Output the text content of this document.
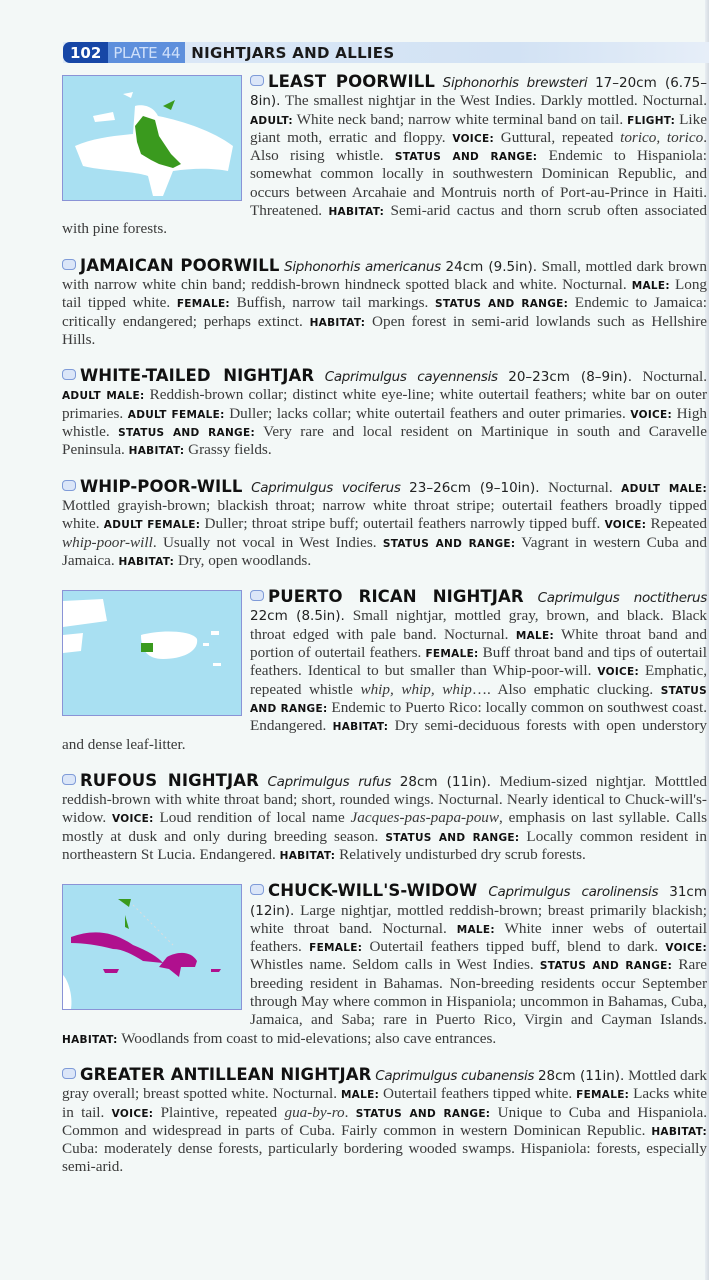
102 PLATE 44 NIGHTJARS AND ALLIES
LEAST POORWILL Siphonorhis brewsteri 17–20cm (6.75–8in). The smallest nightjar in the West Indies. Darkly mottled. Nocturnal. ADULT: White neck band; narrow white terminal band on tail. FLIGHT: Like giant moth, erratic and floppy. VOICE: Guttural, repeated torico, torico. Also rising whistle. STATUS AND RANGE: Endemic to Hispaniola: somewhat common locally in southwestern Dominican Republic, and occurs between Arcahaie and Montruis north of Port-au-Prince in Haiti. Threatened. HABITAT: Semi-arid cactus and thorn scrub often associated with pine forests.
JAMAICAN POORWILL Siphonorhis americanus 24cm (9.5in). Small, mottled dark brown with narrow white chin band; reddish-brown hindneck spotted black and white. Nocturnal. MALE: Long tail tipped white. FEMALE: Buffish, narrow tail markings. STATUS AND RANGE: Endemic to Jamaica: critically endangered; perhaps extinct. HABITAT: Open forest in semi-arid lowlands such as Hellshire Hills.
WHITE-TAILED NIGHTJAR Caprimulgus cayennensis 20–23cm (8–9in). Nocturnal. ADULT MALE: Reddish-brown collar; distinct white eye-line; white outertail feathers; white bar on outer primaries. ADULT FEMALE: Duller; lacks collar; white outertail feathers and outer primaries. VOICE: High whistle. STATUS AND RANGE: Very rare and local resident on Martinique in south and Caravelle Peninsula. HABITAT: Grassy fields.
WHIP-POOR-WILL Caprimulgus vociferus 23–26cm (9–10in). Nocturnal. ADULT MALE: Mottled grayish-brown; blackish throat; narrow white throat stripe; outertail feathers broadly tipped white. ADULT FEMALE: Duller; throat stripe buff; outertail feathers narrowly tipped buff. VOICE: Repeated whip-poor-will. Usually not vocal in West Indies. STATUS AND RANGE: Vagrant in western Cuba and Jamaica. HABITAT: Dry, open woodlands.
PUERTO RICAN NIGHTJAR Caprimulgus noctitherus 22cm (8.5in). Small nightjar, mottled gray, brown, and black. Black throat edged with pale band. Nocturnal. MALE: White throat band and portion of outertail feathers. FEMALE: Buff throat band and tips of outertail feathers. Identical to but smaller than Whip-poor-will. VOICE: Emphatic, repeated whistle whip, whip, whip…. Also emphatic clucking. STATUS AND RANGE: Endemic to Puerto Rico: locally common on southwest coast. Endangered. HABITAT: Dry semi-deciduous forests with open understory and dense leaf-litter.
RUFOUS NIGHTJAR Caprimulgus rufus 28cm (11in). Medium-sized nightjar. Motttled reddish-brown with white throat band; short, rounded wings. Nocturnal. Nearly identical to Chuck-will's-widow. VOICE: Loud rendition of local name Jacques-pas-papa-pouw, emphasis on last syllable. Calls mostly at dusk and only during breeding season. STATUS AND RANGE: Locally common resident in northeastern St Lucia. Endangered. HABITAT: Relatively undisturbed dry scrub forests.
CHUCK-WILL'S-WIDOW Caprimulgus carolinensis 31cm (12in). Large nightjar, mottled reddish-brown; breast primarily blackish; white throat band. Nocturnal. MALE: White inner webs of outertail feathers. FEMALE: Outertail feathers tipped buff, blend to dark. VOICE: Whistles name. Seldom calls in West Indies. STATUS AND RANGE: Rare breeding resident in Bahamas. Non-breeding residents occur September through May where common in Hispaniola; uncommon in Bahamas, Cuba, Jamaica, and Saba; rare in Puerto Rico, Virgin and Cayman Islands. HABITAT: Woodlands from coast to mid-elevations; also cave entrances.
GREATER ANTILLEAN NIGHTJAR Caprimulgus cubanensis 28cm (11in). Mottled dark gray overall; breast spotted white. Nocturnal. MALE: Outertail feathers tipped white. FEMALE: Lacks white in tail. VOICE: Plaintive, repeated gua-by-ro. STATUS AND RANGE: Unique to Cuba and Hispaniola. Common and widespread in parts of Cuba. Fairly common in western Dominican Republic. HABITAT: Cuba: moderately dense forests, particularly bordering wooded swamps. Hispaniola: forests, especially semi-arid.
